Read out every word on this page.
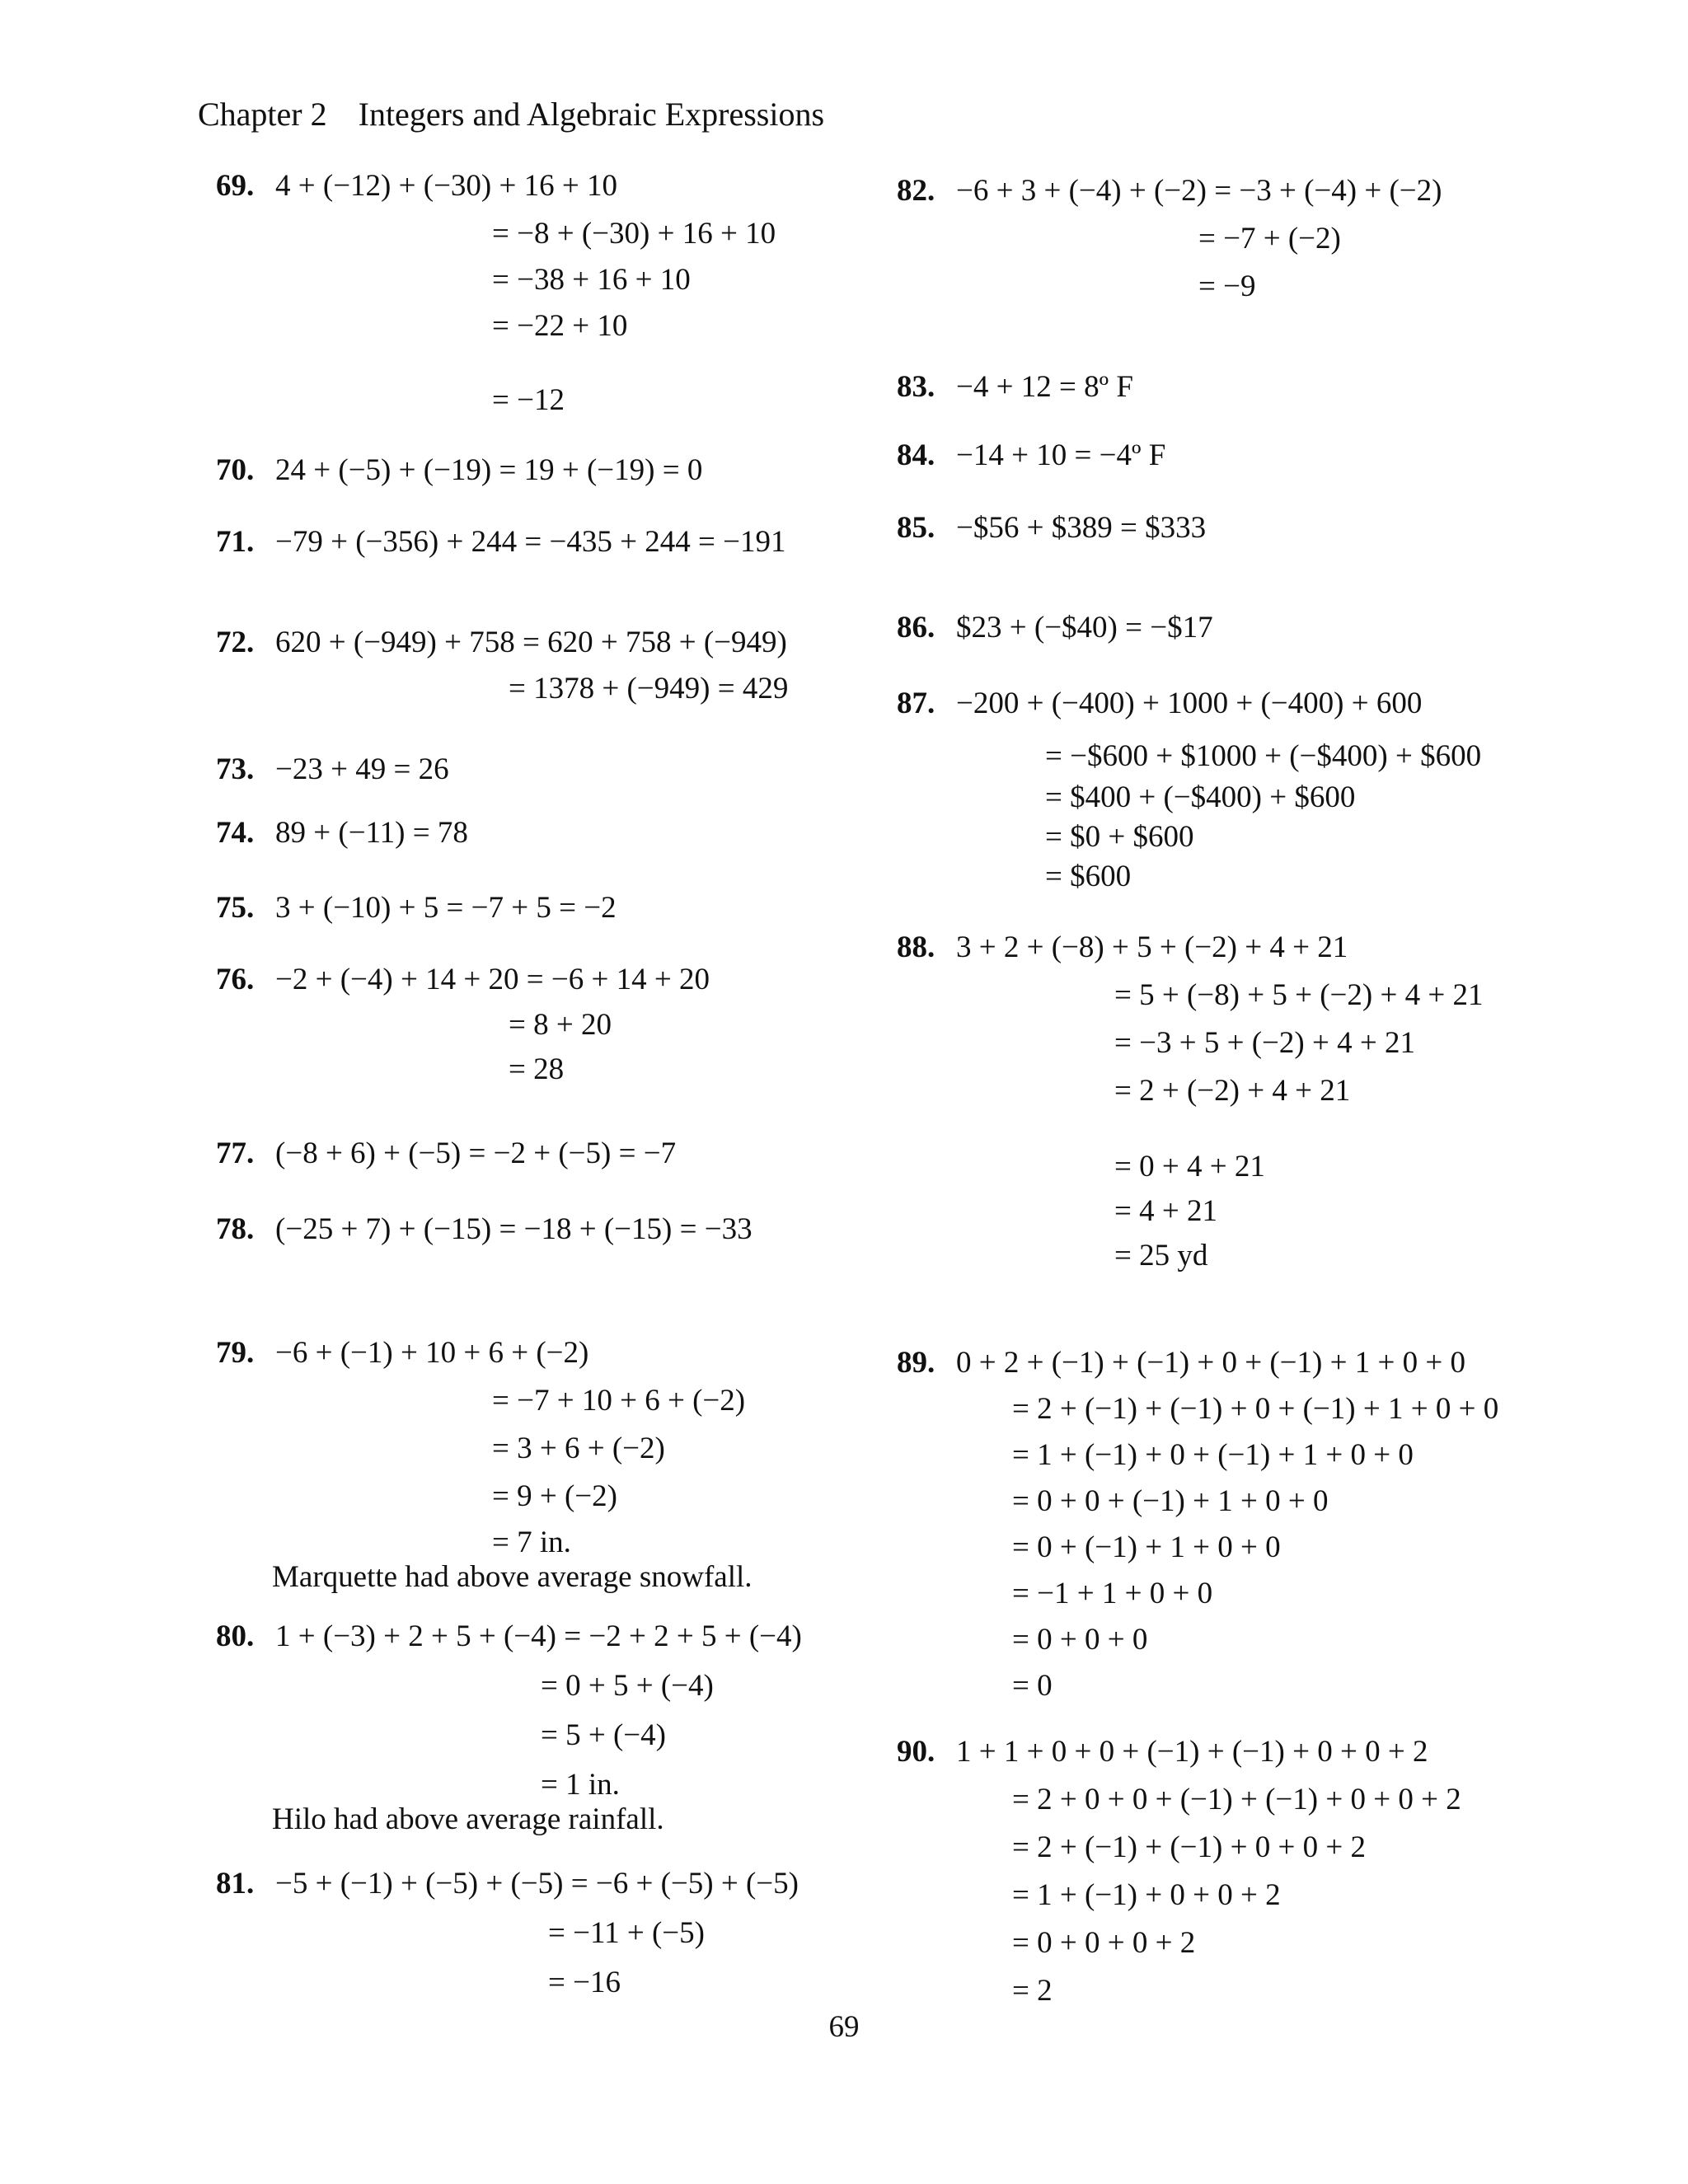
Chapter 2 Integers and Algebraic Expressions
69. 4 + (−12) + (−30) + 16 + 10
= −8 + (−30) + 16 + 10
= −38 + 16 + 10
= −22 + 10
= −12
70. 24 + (−5) + (−19) = 19 + (−19) = 0
71. −79 + (−356) + 244 = −435 + 244 = −191
72. 620 + (−949) + 758 = 620 + 758 + (−949)
= 1378 + (−949) = 429
73. −23 + 49 = 26
74. 89 + (−11) = 78
75. 3 + (−10) + 5 = −7 + 5 = −2
76. −2 + (−4) + 14 + 20 = −6 + 14 + 20
= 8 + 20
= 28
77. (−8 + 6) + (−5) = −2 + (−5) = −7
78. (−25 + 7) + (−15) = −18 + (−15) = −33
79. −6 + (−1) + 10 + 6 + (−2)
= −7 + 10 + 6 + (−2)
= 3 + 6 + (−2)
= 9 + (−2)
= 7 in.
Marquette had above average snowfall.
80. 1 + (−3) + 2 + 5 + (−4) = −2 + 2 + 5 + (−4)
= 0 + 5 + (−4)
= 5 + (−4)
= 1 in.
Hilo had above average rainfall.
81. −5 + (−1) + (−5) + (−5) = −6 + (−5) + (−5)
= −11 + (−5)
= −16
82. −6 + 3 + (−4) + (−2) = −3 + (−4) + (−2)
= −7 + (−2)
= −9
83. −4 + 12 = 8º F
84. −14 + 10 = −4º F
85. −$56 + $389 = $333
86. $23 + (−$40) = −$17
87. −200 + (−400) + 1000 + (−400) + 600
= −$600 + $1000 + (−$400) + $600
= $400 + (−$400) + $600
= $0 + $600
= $600
88. 3 + 2 + (−8) + 5 + (−2) + 4 + 21
= 5 + (−8) + 5 + (−2) + 4 + 21
= −3 + 5 + (−2) + 4 + 21
= 2 + (−2) + 4 + 21
= 0 + 4 + 21
= 4 + 21
= 25 yd
89. 0 + 2 + (−1) + (−1) + 0 + (−1) + 1 + 0 + 0
= 2 + (−1) + (−1) + 0 + (−1) + 1 + 0 + 0
= 1 + (−1) + 0 + (−1) + 1 + 0 + 0
= 0 + 0 + (−1) + 1 + 0 + 0
= 0 + (−1) + 1 + 0 + 0
= −1 + 1 + 0 + 0
= 0 + 0 + 0
= 0
90. 1 + 1 + 0 + 0 + (−1) + (−1) + 0 + 0 + 2
= 2 + 0 + 0 + (−1) + (−1) + 0 + 0 + 2
= 2 + (−1) + (−1) + 0 + 0 + 2
= 1 + (−1) + 0 + 0 + 2
= 0 + 0 + 0 + 2
= 2
69
